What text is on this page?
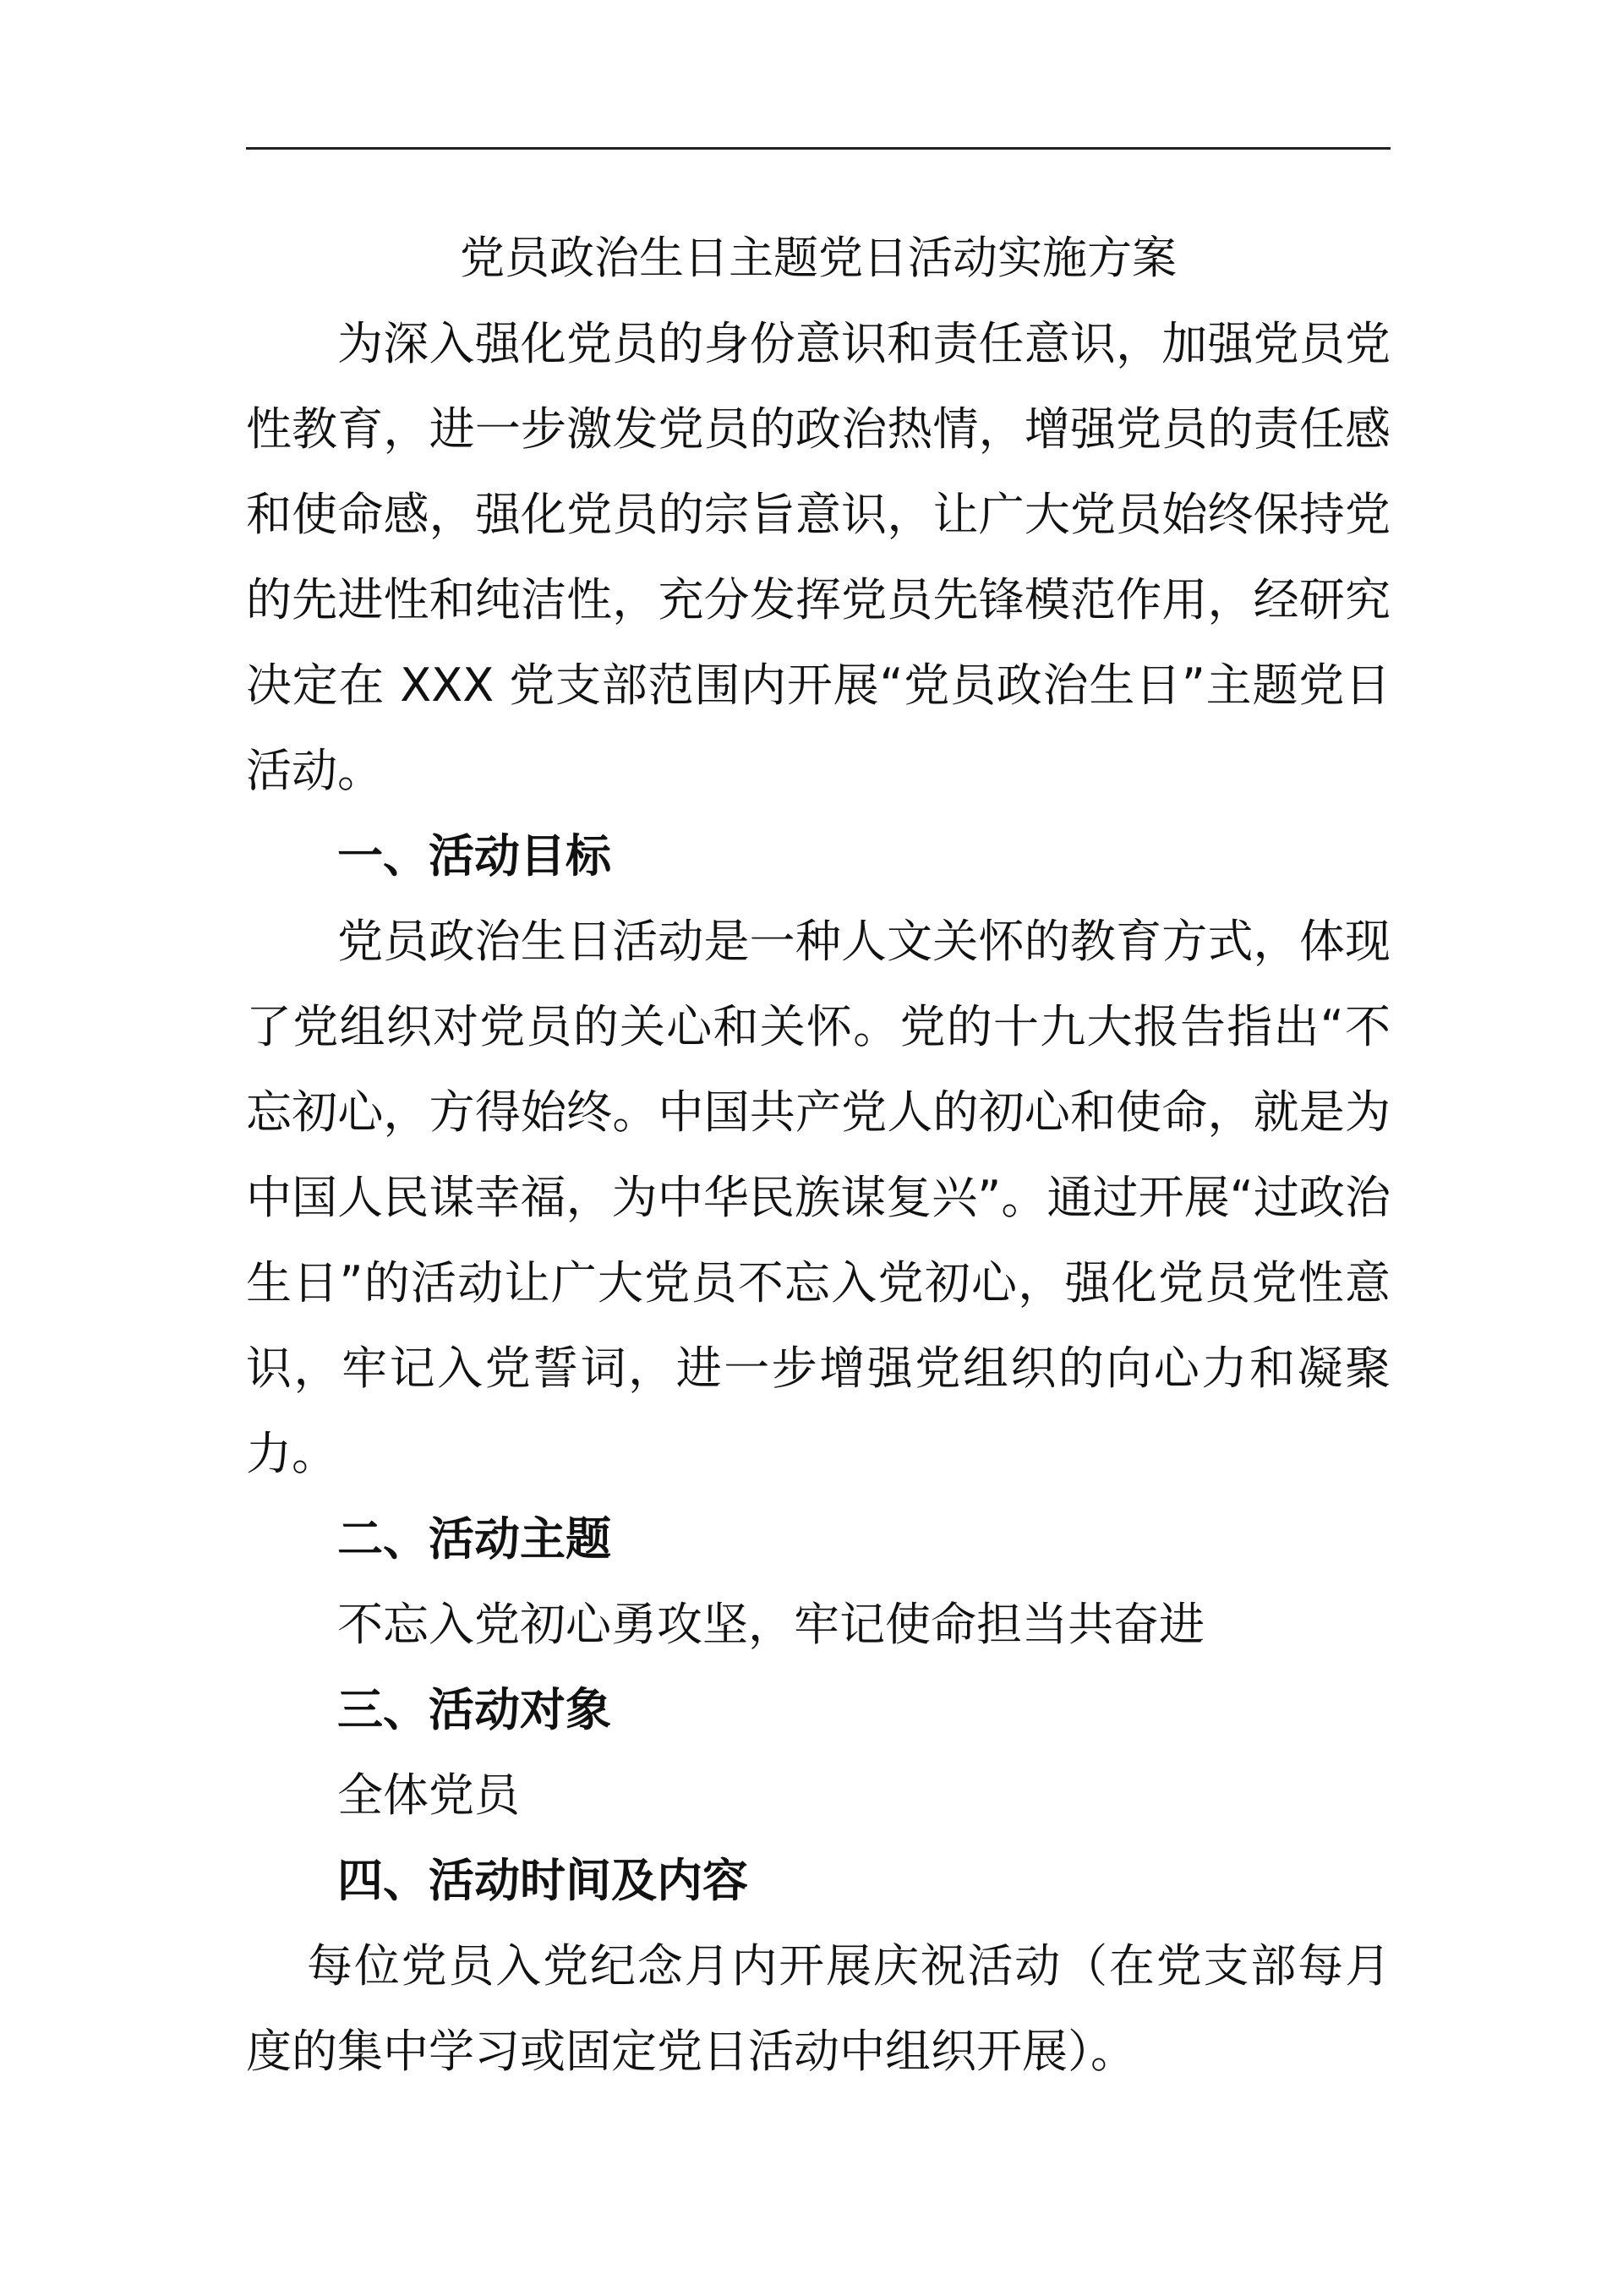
党员政治生日主题党日活动实施方案

为深入强化党员的身份意识和责任意识，加强党员党性教育，进一步激发党员的政治热情，增强党员的责任感和使命感，强化党员的宗旨意识，让广大党员始终保持党的先进性和纯洁性，充分发挥党员先锋模范作用，经研究决定在 XXX 党支部范围内开展“党员政治生日”主题党日活动。

一、活动目标

党员政治生日活动是一种人文关怀的教育方式，体现了党组织对党员的关心和关怀。党的十九大报告指出“不忘初心，方得始终。中国共产党人的初心和使命，就是为中国人民谋幸福，为中华民族谋复兴”。通过开展“过政治生日”的活动让广大党员不忘入党初心，强化党员党性意识，牢记入党誓词，进一步增强党组织的向心力和凝聚力。

二、活动主题

不忘入党初心勇攻坚，牢记使命担当共奋进

三、活动对象

全体党员

四、活动时间及内容

每位党员入党纪念月内开展庆祝活动（在党支部每月度的集中学习或固定党日活动中组织开展）。
